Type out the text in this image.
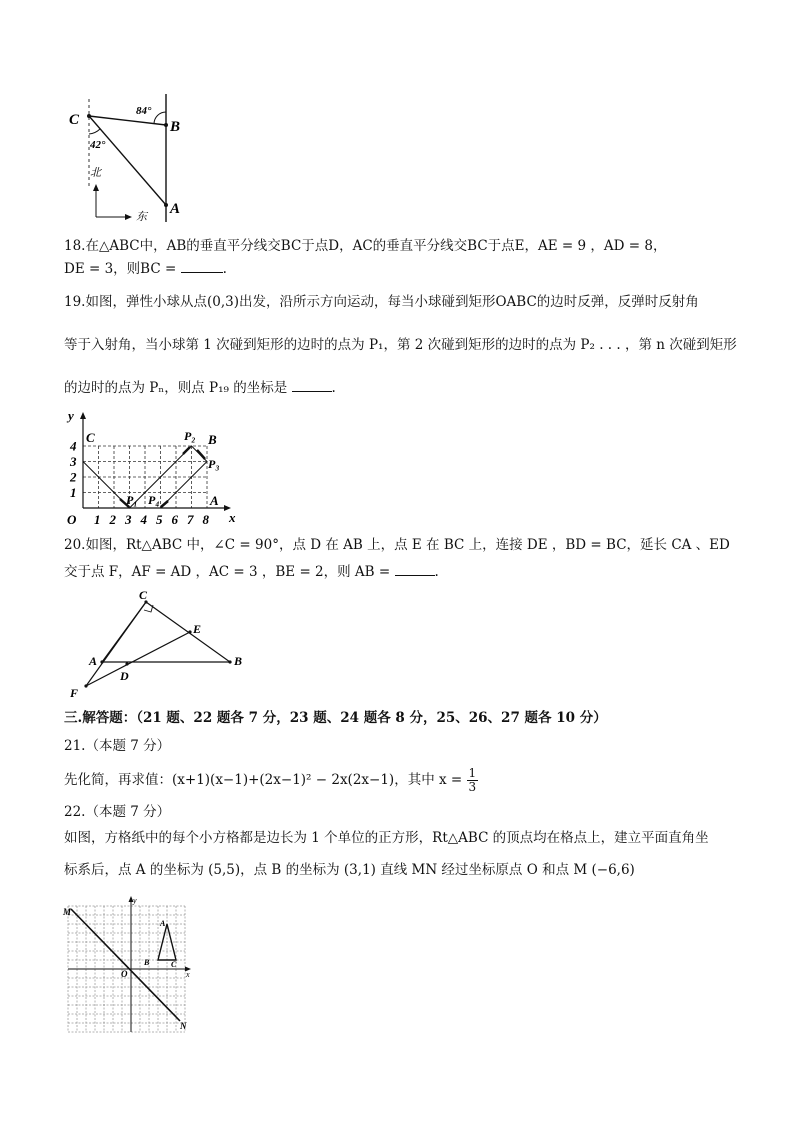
C	B
A
84°
42°
北
东
18.在△ABC中，AB的垂直平分线交BC于点D，AC的垂直平分线交BC于点E，AE = 9 ，AD = 8，
DE = 3，则BC =	.
19.如图，弹性小球从点(0,3)出发，沿所示方向运动，每当小球碰到矩形OABC的边时反弹，反弹时反射角
等于入射角，当小球第 1 次碰到矩形的边时的点为 P₁，第 2 次碰到矩形的边时的点为 P₂ . . . ，第 n 次碰到矩形
的边时的点为 Pₙ，则点 P₁₉ 的坐标是	.
y
x
O
C	B
A
P₁
P₂
P₃
P₄
1 2 3 4 5 6 7 8
1
2
3
4
20.如图，Rt△ABC 中，∠C = 90°，点 D 在 AB 上，点 E 在 BC 上，连接 DE ，BD = BC，延长 CA 、ED
交于点 F，AF = AD ，AC = 3 ，BE = 2，则 AB =	.
C
E
A	B
D
F
三.解答题：（21 题、22 题各 7 分，23 题、24 题各 8 分，25、26、27 题各 10 分）
21.（本题 7 分）
先化简，再求值：(x+1)(x−1)+(2x−1)² − 2x(2x−1)，其中 $x = \frac{1}{3}$
22.（本题 7 分）
如图，方格纸中的每个小方格都是边长为 1 个单位的正方形，Rt△ABC 的顶点均在格点上，建立平面直角坐
标系后，点 A 的坐标为 (5,5)，点 B 的坐标为 (3,1) 直线 MN 经过坐标原点 O 和点 M (−6,6)
x
y
M
N
O
A
B	C
